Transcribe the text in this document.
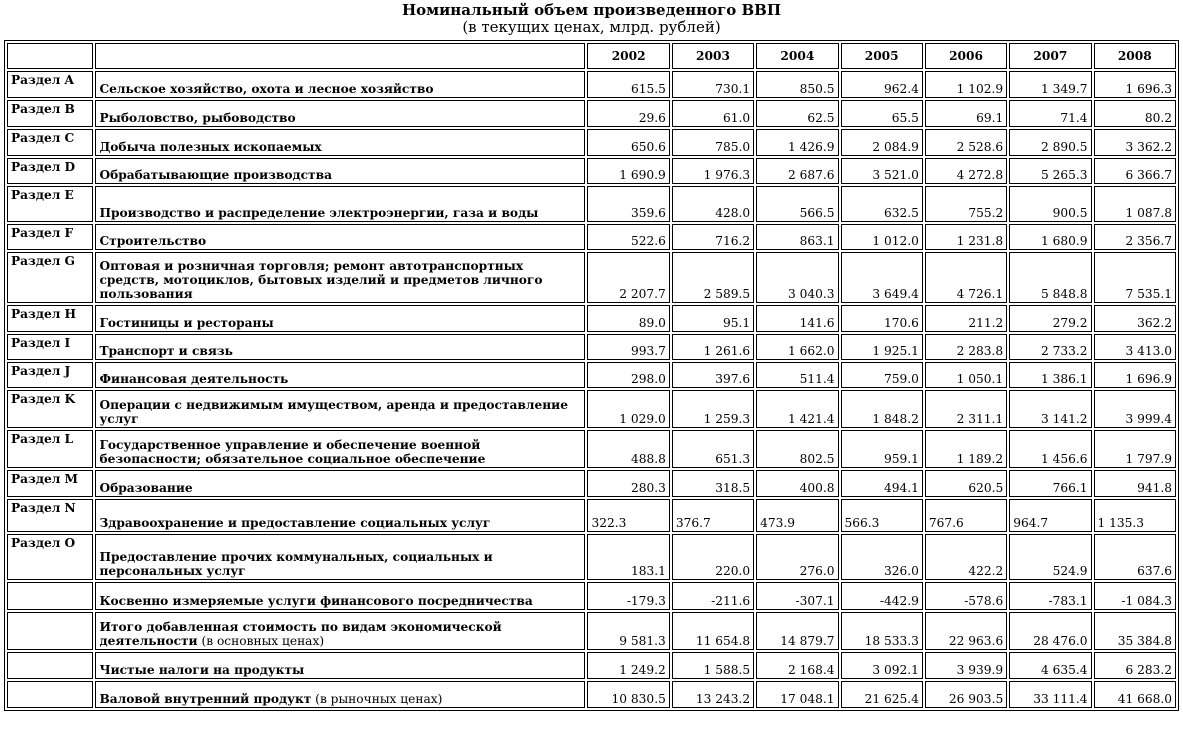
Номинальный объем произведенного ВВП
(в текущих ценах, млрд. рублей)
		2002	2003	2004	2005	2006	2007	2008
Раздел A	Сельское хозяйство, охота и лесное хозяйство	615.5	730.1	850.5	962.4	1 102.9	1 349.7	1 696.3
Раздел B	Рыболовство, рыбоводство	29.6	61.0	62.5	65.5	69.1	71.4	80.2
Раздел C	Добыча полезных ископаемых	650.6	785.0	1 426.9	2 084.9	2 528.6	2 890.5	3 362.2
Раздел D	Обрабатывающие производства	1 690.9	1 976.3	2 687.6	3 521.0	4 272.8	5 265.3	6 366.7
Раздел E	Производство и распределение электроэнергии, газа и воды	359.6	428.0	566.5	632.5	755.2	900.5	1 087.8
Раздел F	Строительство	522.6	716.2	863.1	1 012.0	1 231.8	1 680.9	2 356.7
Раздел G	Оптовая и розничная торговля; ремонт автотранспортных средств, мотоциклов, бытовых изделий и предметов личного пользования	2 207.7	2 589.5	3 040.3	3 649.4	4 726.1	5 848.8	7 535.1
Раздел H	Гостиницы и рестораны	89.0	95.1	141.6	170.6	211.2	279.2	362.2
Раздел I	Транспорт и связь	993.7	1 261.6	1 662.0	1 925.1	2 283.8	2 733.2	3 413.0
Раздел J	Финансовая деятельность	298.0	397.6	511.4	759.0	1 050.1	1 386.1	1 696.9
Раздел K	Операции с недвижимым имуществом, аренда и предоставление услуг	1 029.0	1 259.3	1 421.4	1 848.2	2 311.1	3 141.2	3 999.4
Раздел L	Государственное управление и обеспечение военной безопасности; обязательное социальное обеспечение	488.8	651.3	802.5	959.1	1 189.2	1 456.6	1 797.9
Раздел M	Образование	280.3	318.5	400.8	494.1	620.5	766.1	941.8
Раздел N	Здравоохранение и предоставление социальных услуг	322.3	376.7	473.9	566.3	767.6	964.7	1 135.3
Раздел O	Предоставление прочих коммунальных, социальных и персональных услуг	183.1	220.0	276.0	326.0	422.2	524.9	637.6
	Косвенно измеряемые услуги финансового посредничества	-179.3	-211.6	-307.1	-442.9	-578.6	-783.1	-1 084.3
	Итого добавленная стоимость по видам экономической деятельности (в основных ценах)	9 581.3	11 654.8	14 879.7	18 533.3	22 963.6	28 476.0	35 384.8
	Чистые налоги на продукты	1 249.2	1 588.5	2 168.4	3 092.1	3 939.9	4 635.4	6 283.2
	Валовой внутренний продукт (в рыночных ценах)	10 830.5	13 243.2	17 048.1	21 625.4	26 903.5	33 111.4	41 668.0
